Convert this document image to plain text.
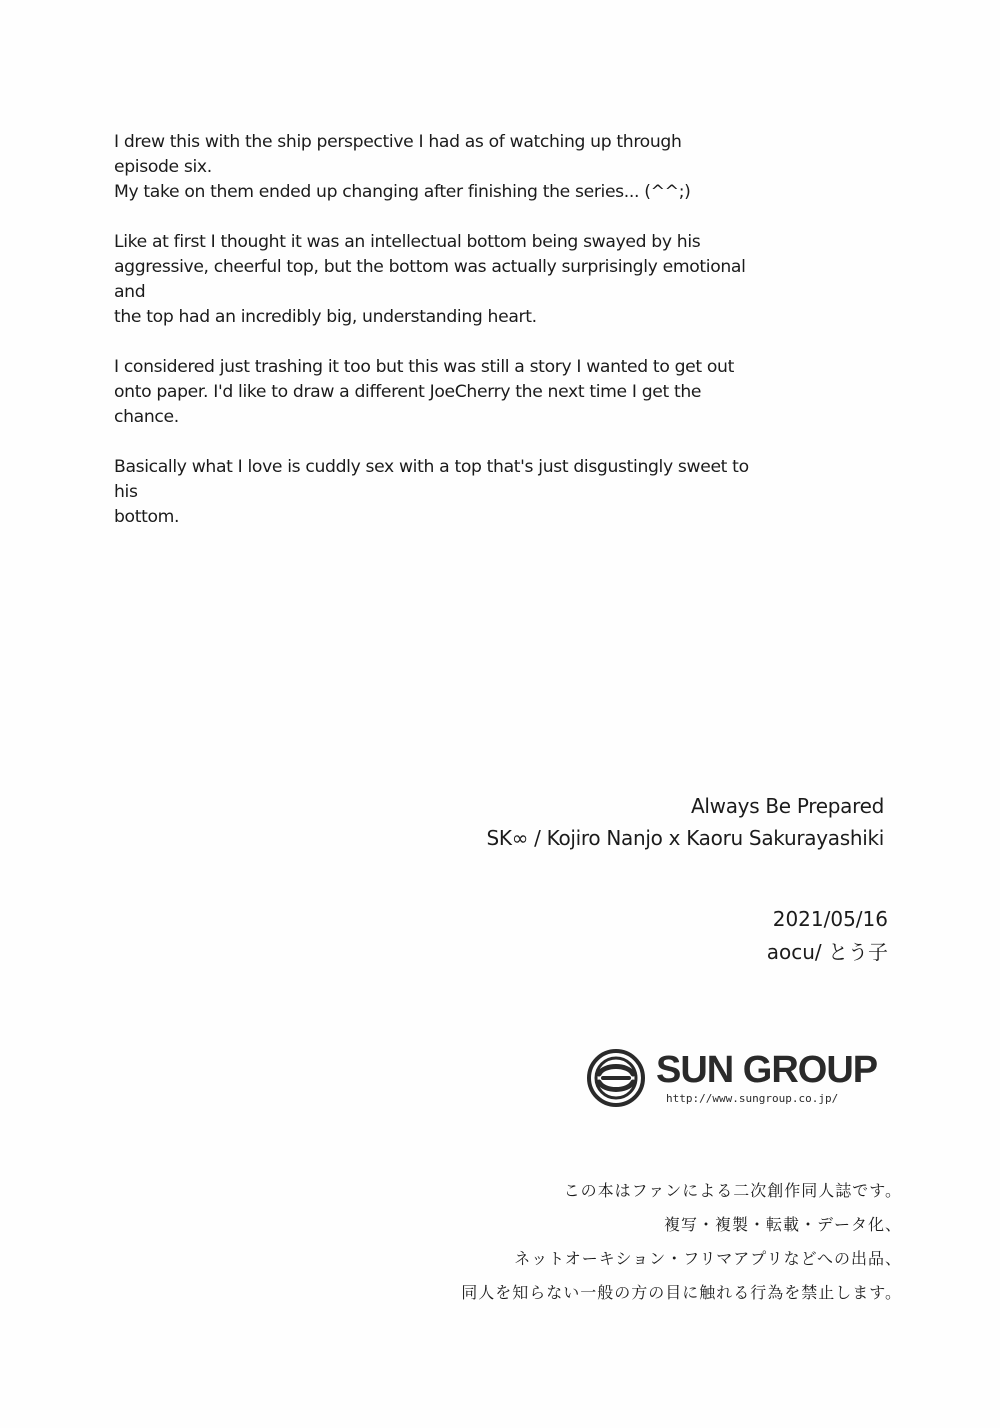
I drew this with the ship perspective I had as of watching up through
episode six.
My take on them ended up changing after finishing the series... (^^;)

Like at first I thought it was an intellectual bottom being swayed by his
aggressive, cheerful top, but the bottom was actually surprisingly emotional and
the top had an incredibly big, understanding heart.

I considered just trashing it too but this was still a story I wanted to get out
onto paper. I'd like to draw a different JoeCherry the next time I get the chance.

Basically what I love is cuddly sex with a top that's just disgustingly sweet to his
bottom.

Always Be Prepared
SK∞ / Kojiro Nanjo x Kaoru Sakurayashiki
2021/05/16
aocu/ とう子
SUN GROUP
http://www.sungroup.co.jp/
この本はファンによる二次創作同人誌です。
複写・複製・転載・データ化、
ネットオーキション・フリマアプリなどへの出品、
同人を知らない一般の方の目に触れる行為を禁止します。
